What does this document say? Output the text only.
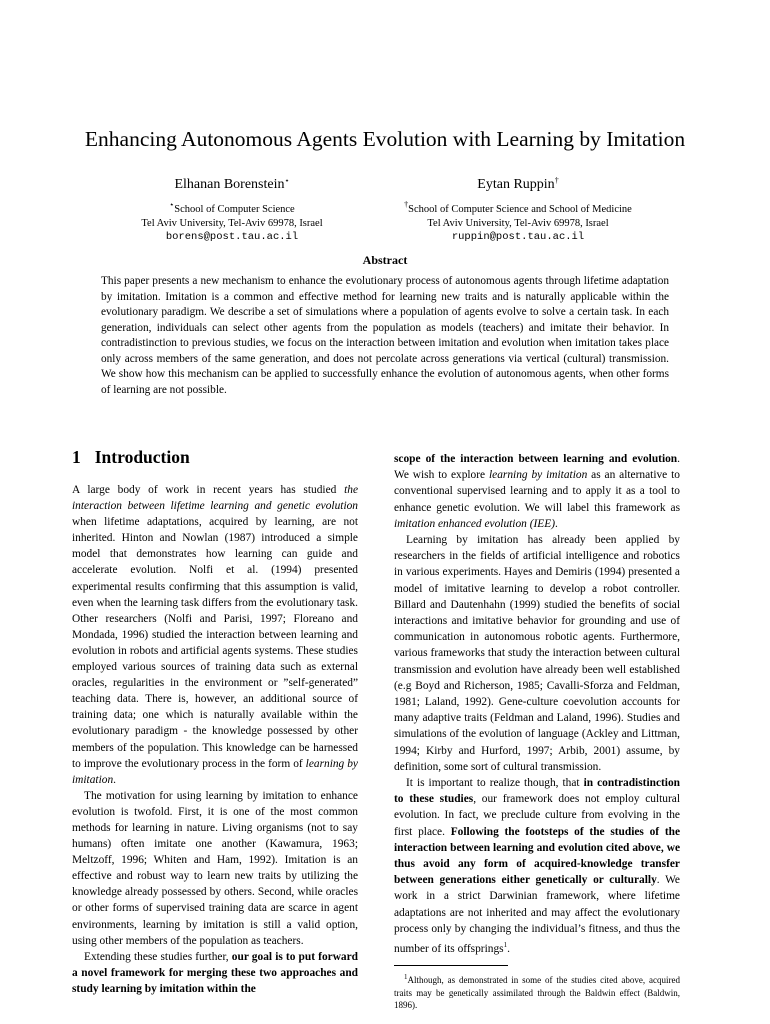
Enhancing Autonomous Agents Evolution with Learning by Imitation
Elhanan Borenstein⋆
⋆School of Computer Science
Tel Aviv University, Tel-Aviv 69978, Israel
borens@post.tau.ac.il
Eytan Ruppin†
†School of Computer Science and School of Medicine
Tel Aviv University, Tel-Aviv 69978, Israel
ruppin@post.tau.ac.il
Abstract

This paper presents a new mechanism to enhance the evolutionary process of autonomous agents through lifetime adaptation by imitation. Imitation is a common and effective method for learning new traits and is naturally applicable within the evolutionary paradigm. We describe a set of simulations where a population of agents evolve to solve a certain task. In each generation, individuals can select other agents from the population as models (teachers) and imitate their behavior. In contradistinction to previous studies, we focus on the interaction between imitation and evolution when imitation takes place only across members of the same generation, and does not percolate across generations via vertical (cultural) transmission. We show how this mechanism can be applied to successfully enhance the evolution of autonomous agents, when other forms of learning are not possible.

1 Introduction

A large body of work in recent years has studied the interaction between lifetime learning and genetic evolution when lifetime adaptations, acquired by learning, are not inherited. Hinton and Nowlan (1987) introduced a simple model that demonstrates how learning can guide and accelerate evolution. Nolfi et al. (1994) presented experimental results confirming that this assumption is valid, even when the learning task differs from the evolutionary task. Other researchers (Nolfi and Parisi, 1997; Floreano and Mondada, 1996) studied the interaction between learning and evolution in robots and artificial agents systems. These studies employed various sources of training data such as external oracles, regularities in the environment or ”self-generated” teaching data. There is, however, an additional source of training data; one which is naturally available within the evolutionary paradigm - the knowledge possessed by other members of the population. This knowledge can be harnessed to improve the evolutionary process in the form of learning by imitation.

The motivation for using learning by imitation to enhance evolution is twofold. First, it is one of the most common methods for learning in nature. Living organisms (not to say humans) often imitate one another (Kawamura, 1963; Meltzoff, 1996; Whiten and Ham, 1992). Imitation is an effective and robust way to learn new traits by utilizing the knowledge already possessed by others. Second, while oracles or other forms of supervised training data are scarce in agent environments, learning by imitation is still a valid option, using other members of the population as teachers.

Extending these studies further, our goal is to put forward a novel framework for merging these two approaches and study learning by imitation within the

scope of the interaction between learning and evolution. We wish to explore learning by imitation as an alternative to conventional supervised learning and to apply it as a tool to enhance genetic evolution. We will label this framework as imitation enhanced evolution (IEE).

Learning by imitation has already been applied by researchers in the fields of artificial intelligence and robotics in various experiments. Hayes and Demiris (1994) presented a model of imitative learning to develop a robot controller. Billard and Dautenhahn (1999) studied the benefits of social interactions and imitative behavior for grounding and use of communication in autonomous robotic agents. Furthermore, various frameworks that study the interaction between cultural transmission and evolution have already been well established (e.g Boyd and Richerson, 1985; Cavalli-Sforza and Feldman, 1981; Laland, 1992). Gene-culture coevolution accounts for many adaptive traits (Feldman and Laland, 1996). Studies and simulations of the evolution of language (Ackley and Littman, 1994; Kirby and Hurford, 1997; Arbib, 2001) assume, by definition, some sort of cultural transmission.

It is important to realize though, that in contradistinction to these studies, our framework does not employ cultural evolution. In fact, we preclude culture from evolving in the first place. Following the footsteps of the studies of the interaction between learning and evolution cited above, we thus avoid any form of acquired-knowledge transfer between generations either genetically or culturally. We work in a strict Darwinian framework, where lifetime adaptations are not inherited and may affect the evolutionary process only by changing the individual’s fitness, and thus the number of its offsprings$^1$.

$^1$Although, as demonstrated in some of the studies cited above, acquired traits may be genetically assimilated through the Baldwin effect (Baldwin, 1896).
